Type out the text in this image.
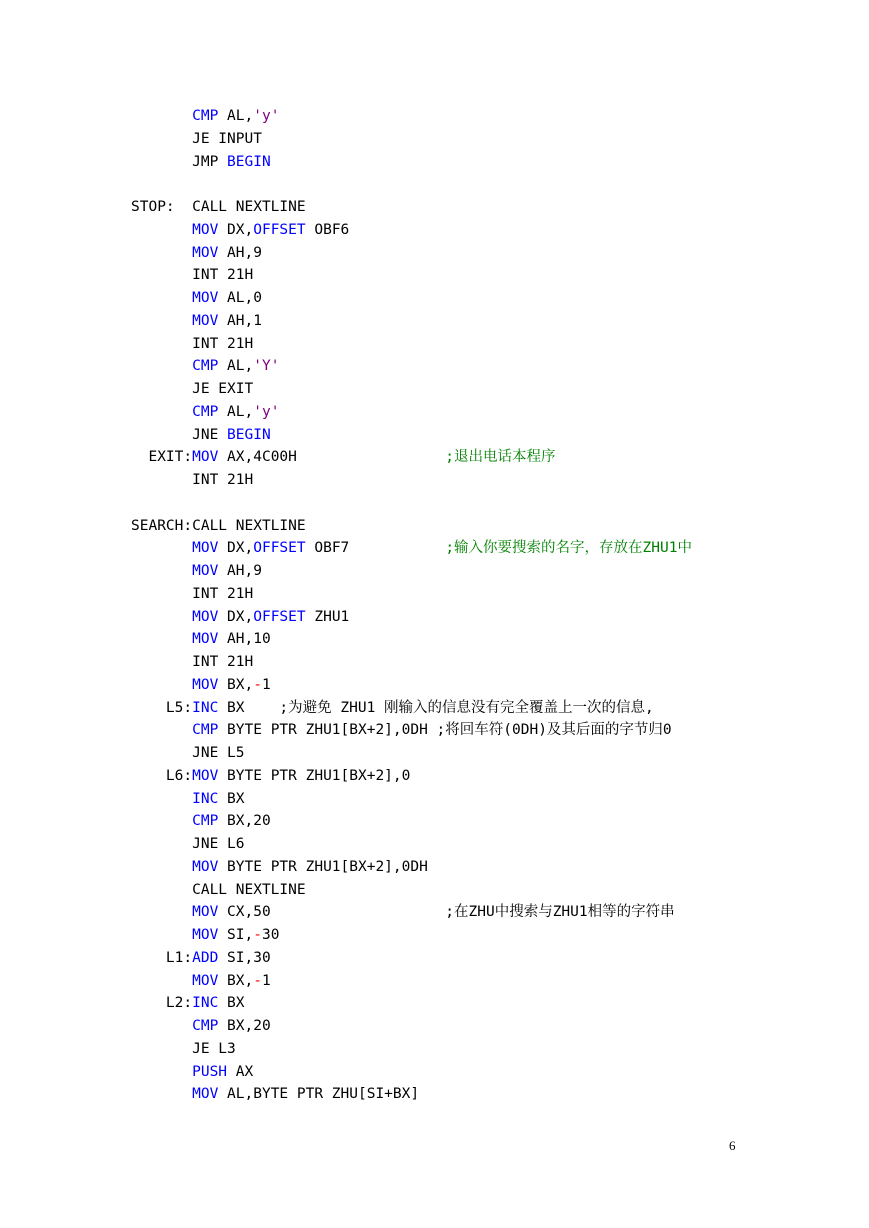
CMP AL,'y'
JE INPUT
JMP BEGIN
STOP:  CALL NEXTLINE
MOV DX,OFFSET OBF6
MOV AH,9
INT 21H
MOV AL,0
MOV AH,1
INT 21H
CMP AL,'Y'
JE EXIT
CMP AL,'y'
JNE BEGIN
EXIT:MOV AX,4C00H                 ;退出电话本程序
INT 21H
SEARCH:CALL NEXTLINE
MOV DX,OFFSET OBF7           ;输入你要搜索的名字，存放在ZHU1中
MOV AH,9
INT 21H
MOV DX,OFFSET ZHU1
MOV AH,10
INT 21H
MOV BX,-1
L5:INC BX    ;为避免 ZHU1 刚输入的信息没有完全覆盖上一次的信息,
CMP BYTE PTR ZHU1[BX+2],0DH ;将回车符(0DH)及其后面的字节归0
JNE L5
L6:MOV BYTE PTR ZHU1[BX+2],0
INC BX
CMP BX,20
JNE L6
MOV BYTE PTR ZHU1[BX+2],0DH
CALL NEXTLINE
MOV CX,50                    ;在ZHU中搜索与ZHU1相等的字符串
MOV SI,-30
L1:ADD SI,30
MOV BX,-1
L2:INC BX
CMP BX,20
JE L3
PUSH AX
MOV AL,BYTE PTR ZHU[SI+BX]
6
